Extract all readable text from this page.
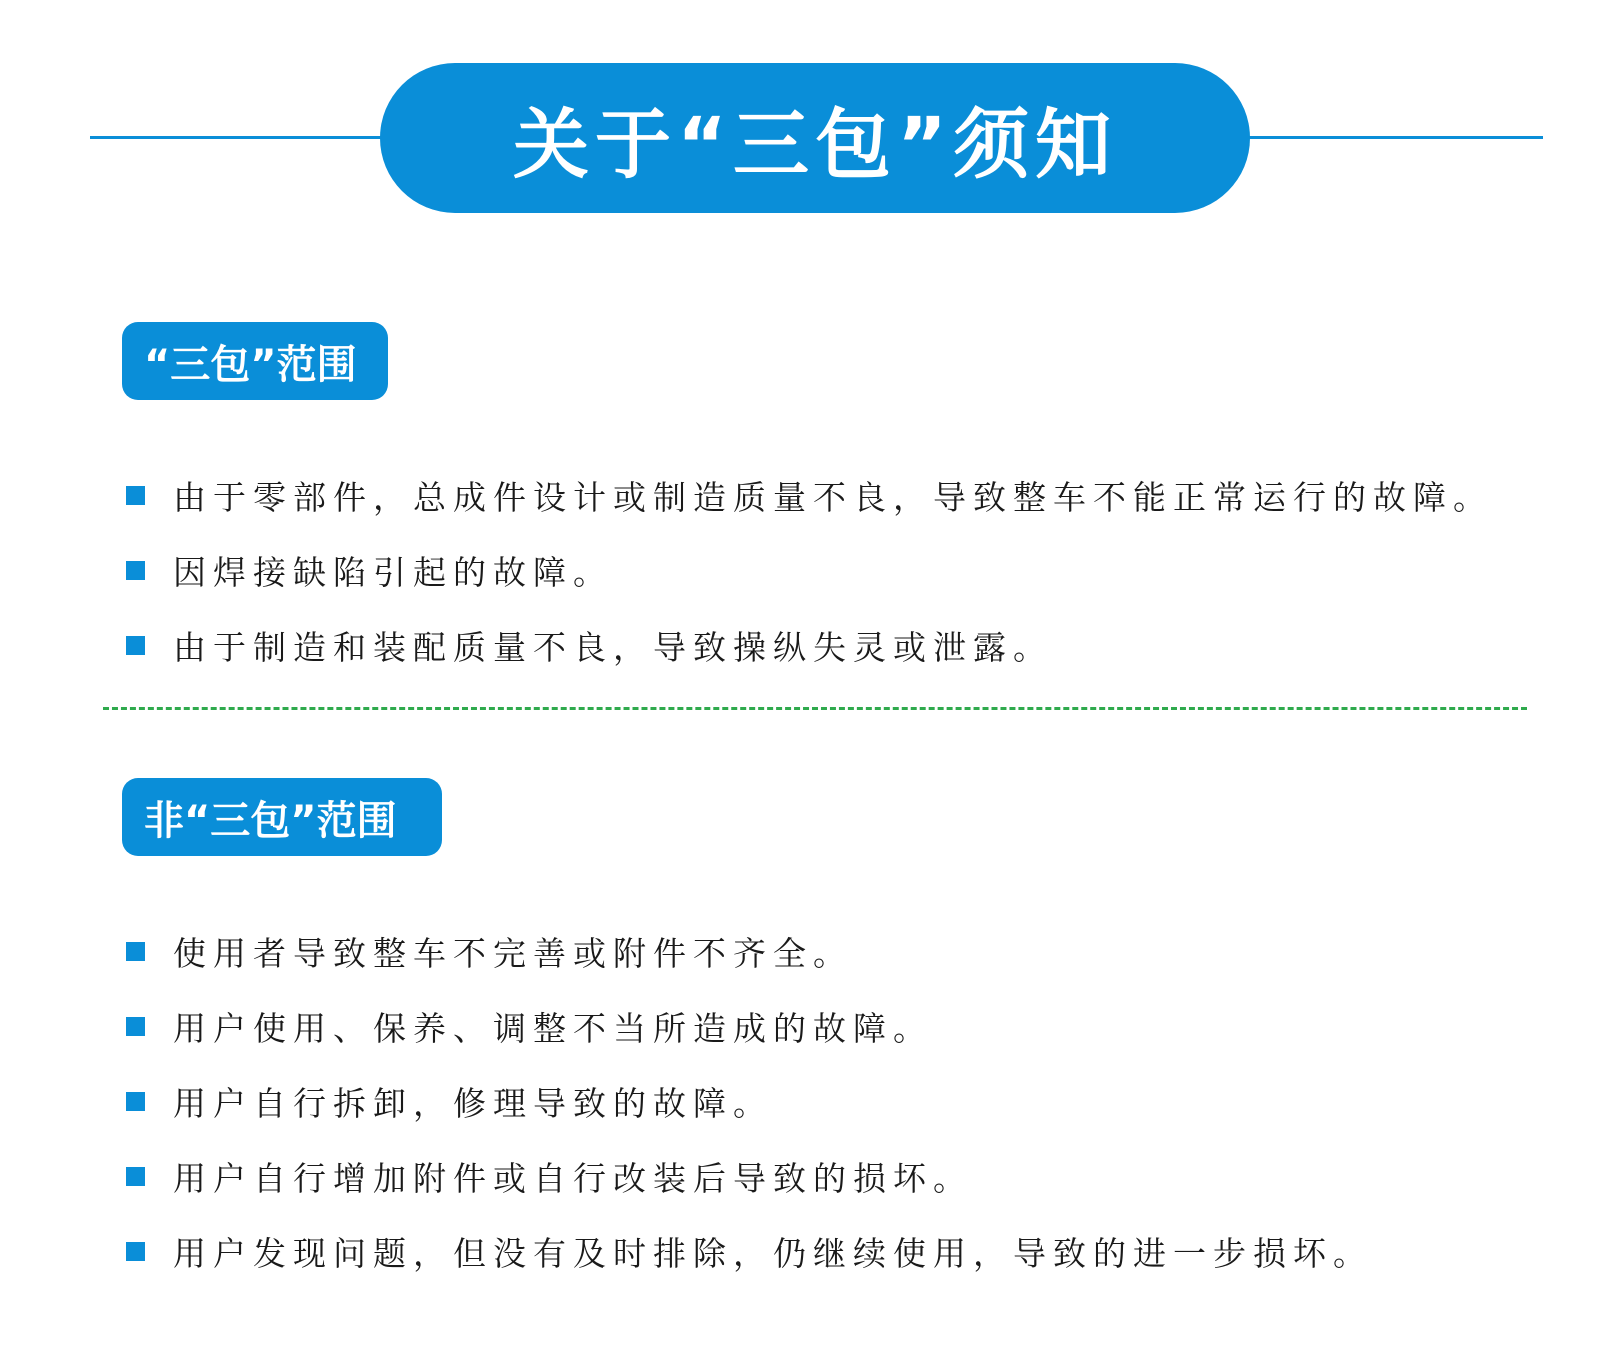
关于“三包”须知
“三包”范围
由于零部件，总成件设计或制造质量不良，导致整车不能正常运行的故障。
因焊接缺陷引起的故障。
由于制造和装配质量不良，导致操纵失灵或泄露。
非“三包”范围
使用者导致整车不完善或附件不齐全。
用户使用、保养、调整不当所造成的故障。
用户自行拆卸，修理导致的故障。
用户自行增加附件或自行改装后导致的损坏。
用户发现问题，但没有及时排除，仍继续使用，导致的进一步损坏。
